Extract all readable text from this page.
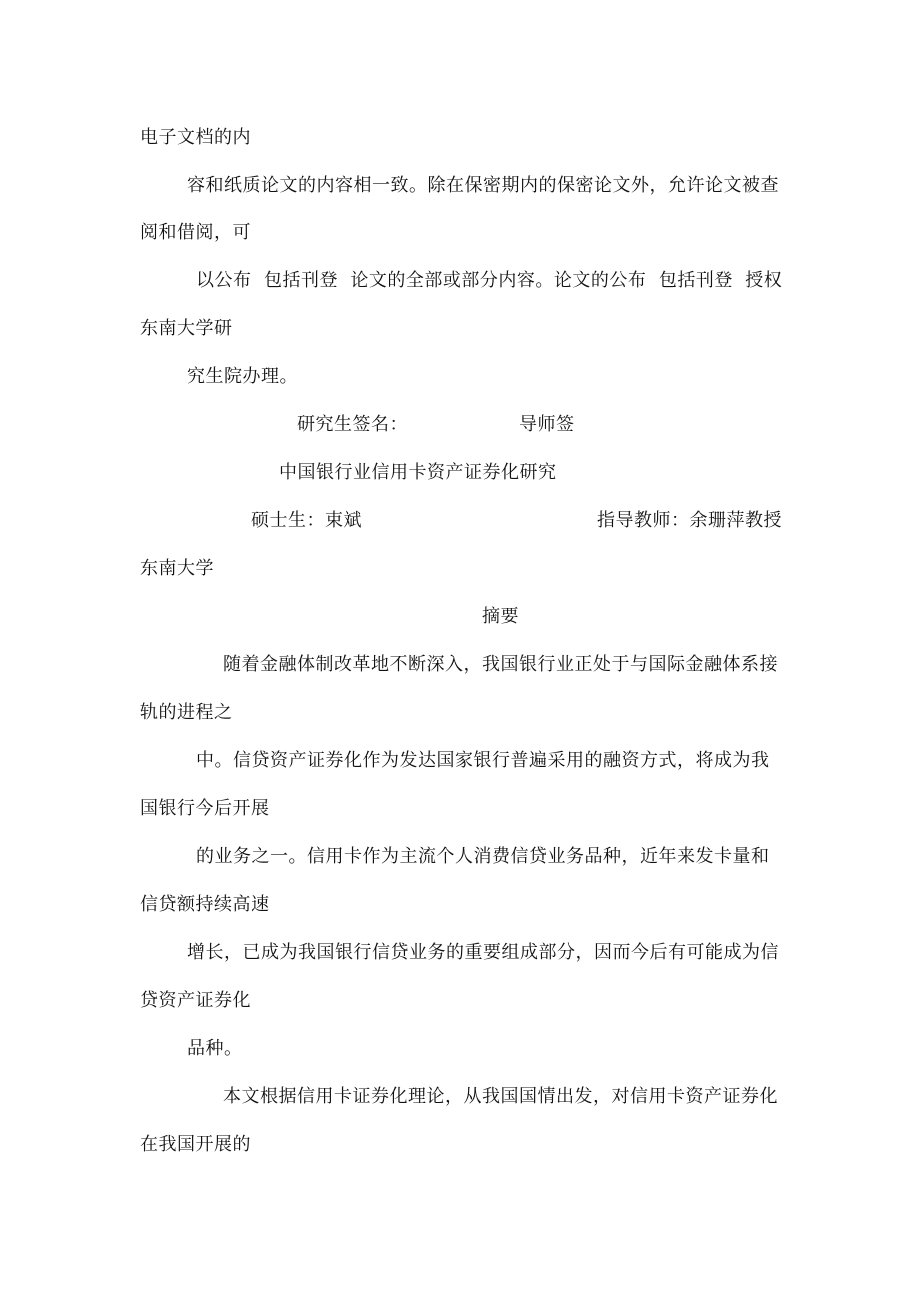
电子文档的内
容和纸质论文的内容相一致。除在保密期内的保密论文外，允许论文被查
阅和借阅，可
以公布  包括刊登  论文的全部或部分内容。论文的公布  包括刊登  授权
东南大学研
究生院办理。
研究生签名：	导师签
中国银行业信用卡资产证券化研究
硕士生：束斌	指导教师：余珊萍教授
东南大学
摘要
随着金融体制改革地不断深入，我国银行业正处于与国际金融体系接
轨的进程之
中。信贷资产证券化作为发达国家银行普遍采用的融资方式，将成为我
国银行今后开展
的业务之一。信用卡作为主流个人消费信贷业务品种，近年来发卡量和
信贷额持续高速
增长，已成为我国银行信贷业务的重要组成部分，因而今后有可能成为信
贷资产证券化
品种。
本文根据信用卡证券化理论，从我国国情出发，对信用卡资产证券化
在我国开展的
